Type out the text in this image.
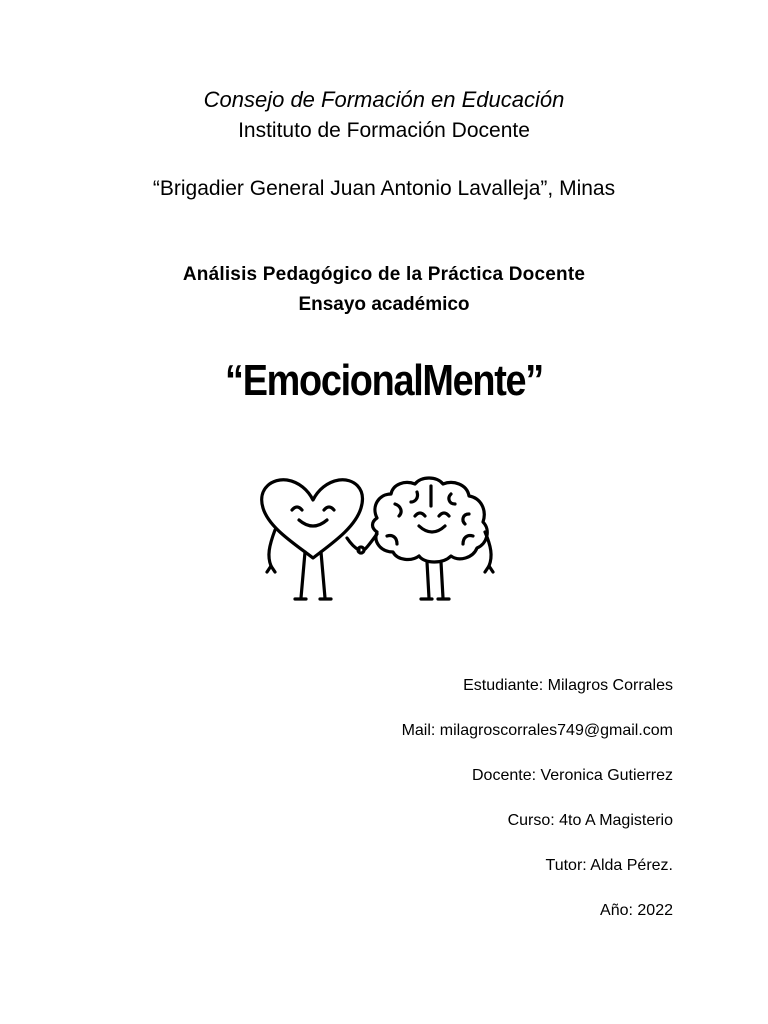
Consejo de Formación en Educación
Instituto de Formación Docente
“Brigadier General Juan Antonio Lavalleja”, Minas
Análisis Pedagógico de la Práctica Docente
Ensayo académico
“EmocionalMente”
Estudiante: Milagros Corrales
Mail: milagroscorrales749@gmail.com
Docente: Veronica Gutierrez
Curso: 4to A Magisterio
Tutor: Alda Pérez.
Año: 2022
